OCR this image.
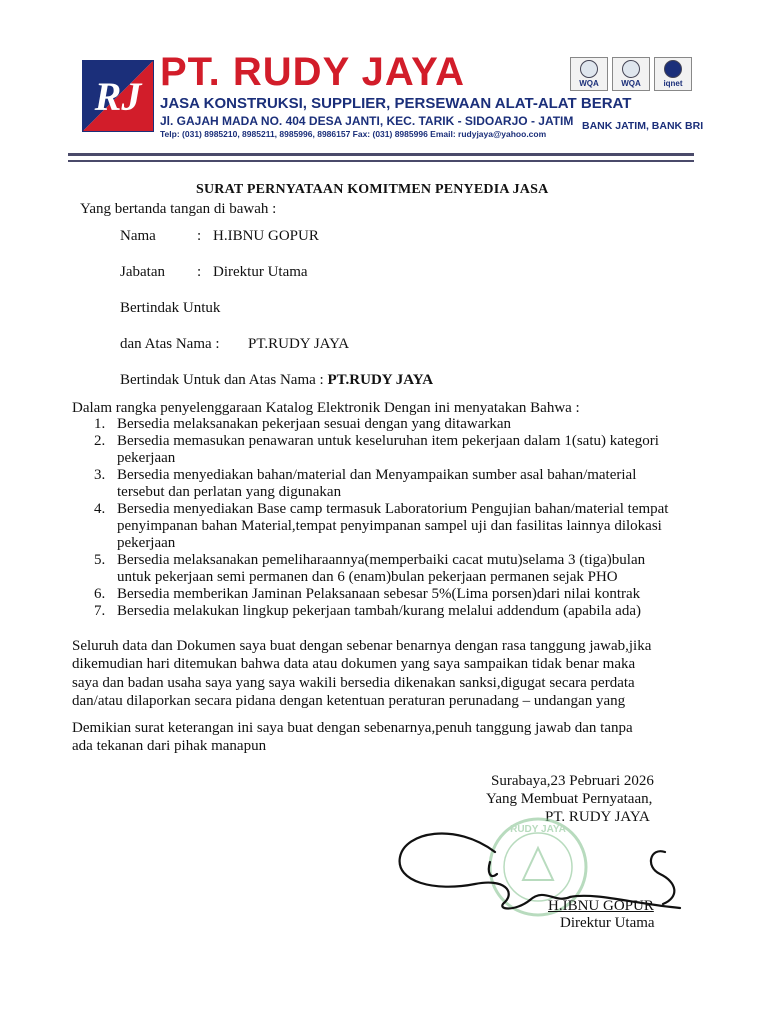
RJ
PT. RUDY JAYA
JASA KONSTRUKSI, SUPPLIER, PERSEWAAN ALAT-ALAT BERAT
Jl. GAJAH MADA NO. 404 DESA JANTI, KEC. TARIK - SIDOARJO - JATIM
Telp: (031) 8985210, 8985211, 8985996, 8986157 Fax: (031) 8985996 Email: rudyjaya@yahoo.com
WQA	WQA	iqnet
BANK JATIM, BANK BRI
SURAT PERNYATAAN KOMITMEN PENYEDIA JASA
Yang bertanda tangan di bawah :
Nama	: H.IBNU GOPUR
Jabatan : Direktur Utama
Bertindak Untuk
dan Atas Nama : PT.RUDY JAYA
Bertindak Untuk dan Atas Nama : PT.RUDY JAYA
Dalam rangka penyelenggaraan Katalog Elektronik Dengan ini menyatakan Bahwa :
1. Bersedia melaksanakan pekerjaan sesuai dengan yang ditawarkan
2. Bersedia memasukan penawaran untuk keseluruhan item pekerjaan dalam 1(satu) kategori pekerjaan
3. Bersedia menyediakan bahan/material dan Menyampaikan sumber asal bahan/material tersebut dan perlatan yang digunakan
4. Bersedia menyediakan Base camp termasuk Laboratorium Pengujian bahan/material tempat penyimpanan bahan Material,tempat penyimpanan sampel uji dan fasilitas lainnya dilokasi pekerjaan
5. Bersedia melaksanakan pemeliharaannya(memperbaiki cacat mutu)selama 3 (tiga)bulan untuk pekerjaan semi permanen dan 6 (enam)bulan pekerjaan permanen sejak PHO
6. Bersedia memberikan Jaminan Pelaksanaan sebesar 5%(Lima porsen)dari nilai kontrak
7. Bersedia melakukan lingkup pekerjaan tambah/kurang melalui addendum (apabila ada)
Seluruh data dan Dokumen saya buat dengan sebenar benarnya dengan rasa tanggung jawab,jika dikemudian hari ditemukan bahwa data atau dokumen yang saya sampaikan tidak benar maka saya dan badan usaha saya yang saya wakili bersedia dikenakan sanksi,digugat secara perdata dan/atau dilaporkan secara pidana dengan ketentuan peraturan perunadang – undangan yang
Demikian surat keterangan ini saya buat dengan sebenarnya,penuh tanggung jawab dan tanpa ada tekanan dari pihak manapun
Surabaya,23 Pebruari 2026
Yang Membuat Pernyataan,
PT. RUDY JAYA
RUDY JAYA
H.IBNU GOPUR
Direktur Utama
